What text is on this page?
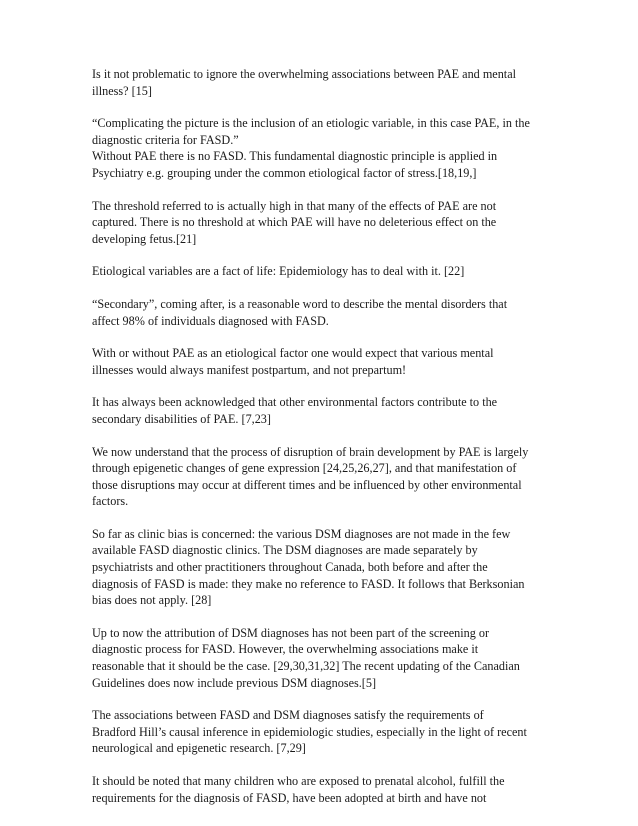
Is it not problematic to ignore the overwhelming associations between PAE and mental
illness? [15]

“Complicating the picture is the inclusion of an etiologic variable, in this case PAE, in the
diagnostic criteria for FASD.”

Without PAE there is no FASD. This fundamental diagnostic principle is applied in
Psychiatry e.g. grouping under the common etiological factor of stress.[18,19,]

The threshold referred to is actually high in that many of the effects of PAE are not
captured. There is no threshold at which PAE will have no deleterious effect on the
developing fetus.[21]

Etiological variables are a fact of life: Epidemiology has to deal with it. [22]

“Secondary”, coming after, is a reasonable word to describe the mental disorders that
affect 98% of individuals diagnosed with FASD.

With or without PAE as an etiological factor one would expect that various mental
illnesses would always manifest postpartum, and not prepartum!

It has always been acknowledged that other environmental factors contribute to the
secondary disabilities of PAE. [7,23]

We now understand that the process of disruption of brain development by PAE is largely
through epigenetic changes of gene expression [24,25,26,27], and that manifestation of
those disruptions may occur at different times and be influenced by other environmental
factors.

So far as clinic bias is concerned: the various DSM diagnoses are not made in the few
available FASD diagnostic clinics. The DSM diagnoses are made separately by
psychiatrists and other practitioners throughout Canada, both before and after the
diagnosis of FASD is made: they make no reference to FASD. It follows that Berksonian
bias does not apply. [28]

Up to now the attribution of DSM diagnoses has not been part of the screening or
diagnostic process for FASD. However, the overwhelming associations make it
reasonable that it should be the case. [29,30,31,32] The recent updating of the Canadian
Guidelines does now include previous DSM diagnoses.[5]

The associations between FASD and DSM diagnoses satisfy the requirements of
Bradford Hill’s causal inference in epidemiologic studies, especially in the light of recent
neurological and epigenetic research. [7,29]

It should be noted that many children who are exposed to prenatal alcohol, fulfill the
requirements for the diagnosis of FASD, have been adopted at birth and have not
